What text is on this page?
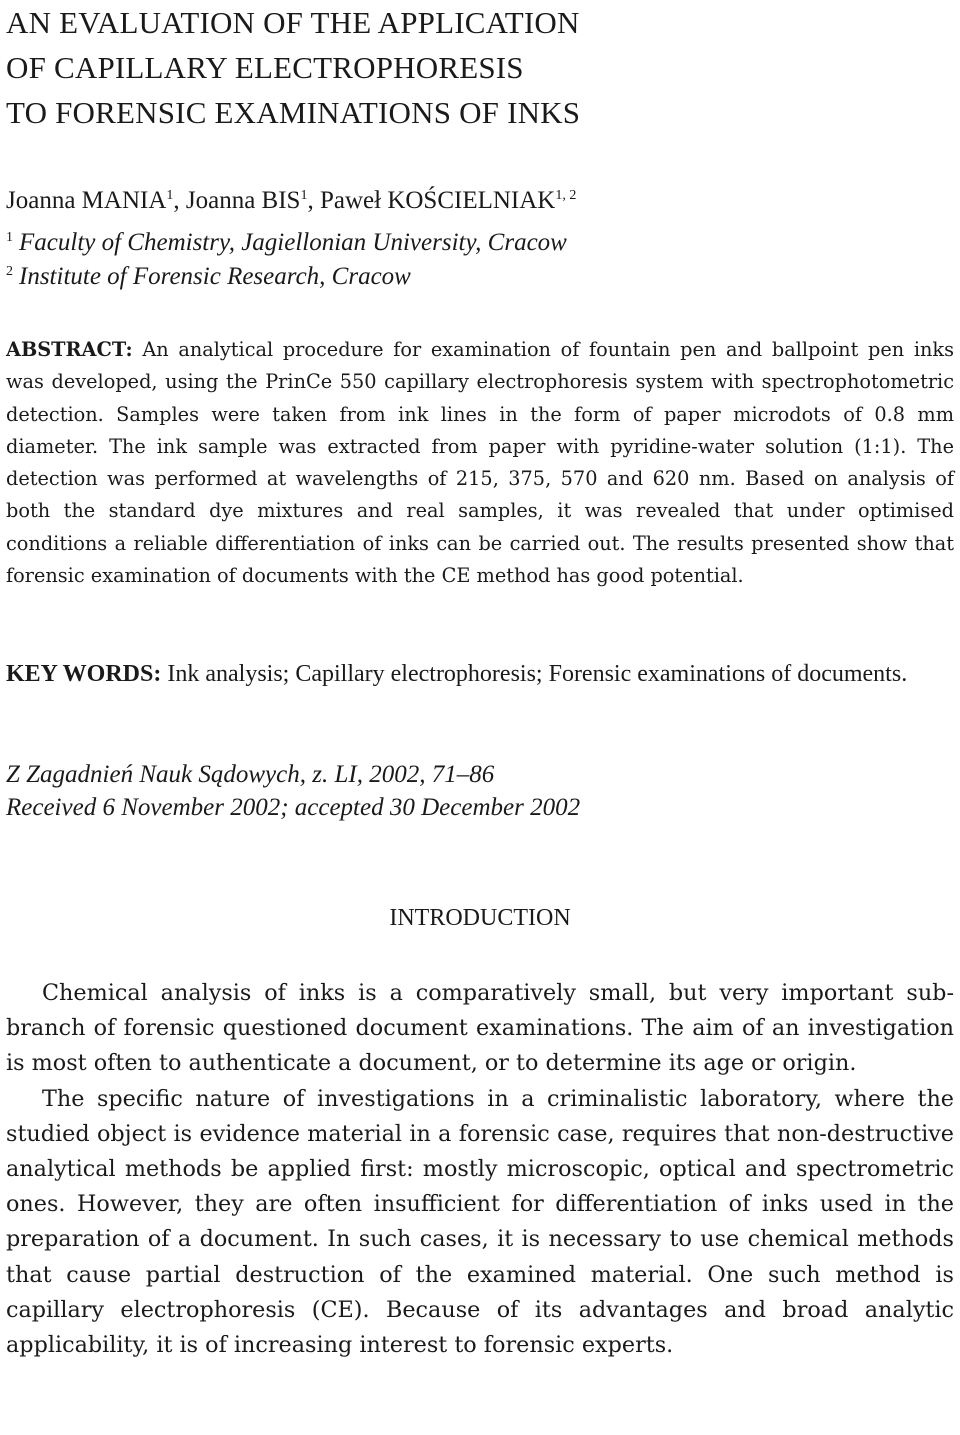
AN EVALUATION OF THE APPLICATION
OF CAPILLARY ELECTROPHORESIS
TO FORENSIC EXAMINATIONS OF INKS
Joanna MANIA$^1$, Joanna BIS$^1$, Paweł KOŚCIELNIAK$^{1, 2}$
$^1$ Faculty of Chemistry, Jagiellonian University, Cracow
$^2$ Institute of Forensic Research, Cracow

ABSTRACT: An analytical procedure for examination of fountain pen and ballpoint pen inks was developed, using the PrinCe 550 capillary electrophoresis system with spectrophotometric detection. Samples were taken from ink lines in the form of paper microdots of 0.8 mm diameter. The ink sample was extracted from paper with pyridine-water solution (1:1). The detection was performed at wavelengths of 215, 375, 570 and 620 nm. Based on analysis of both the standard dye mixtures and real samples, it was revealed that under optimised conditions a reliable differentiation of inks can be carried out. The results presented show that forensic examination of documents with the CE method has good potential.

KEY WORDS: Ink analysis; Capillary electrophoresis; Forensic examinations of documents.

Z Zagadnień Nauk Sądowych, z. LI, 2002, 71–86
Received 6 November 2002; accepted 30 December 2002
INTRODUCTION

Chemical analysis of inks is a comparatively small, but very important sub-branch of forensic questioned document examinations. The aim of an investigation is most often to authenticate a document, or to determine its age or origin.

The specific nature of investigations in a criminalistic laboratory, where the studied object is evidence material in a forensic case, requires that non-destructive analytical methods be applied first: mostly microscopic, optical and spectrometric ones. However, they are often insufficient for differentiation of inks used in the preparation of a document. In such cases, it is necessary to use chemical methods that cause partial destruction of the examined material. One such method is capillary electrophoresis (CE). Because of its advantages and broad analytic applicability, it is of increasing interest to forensic experts.
